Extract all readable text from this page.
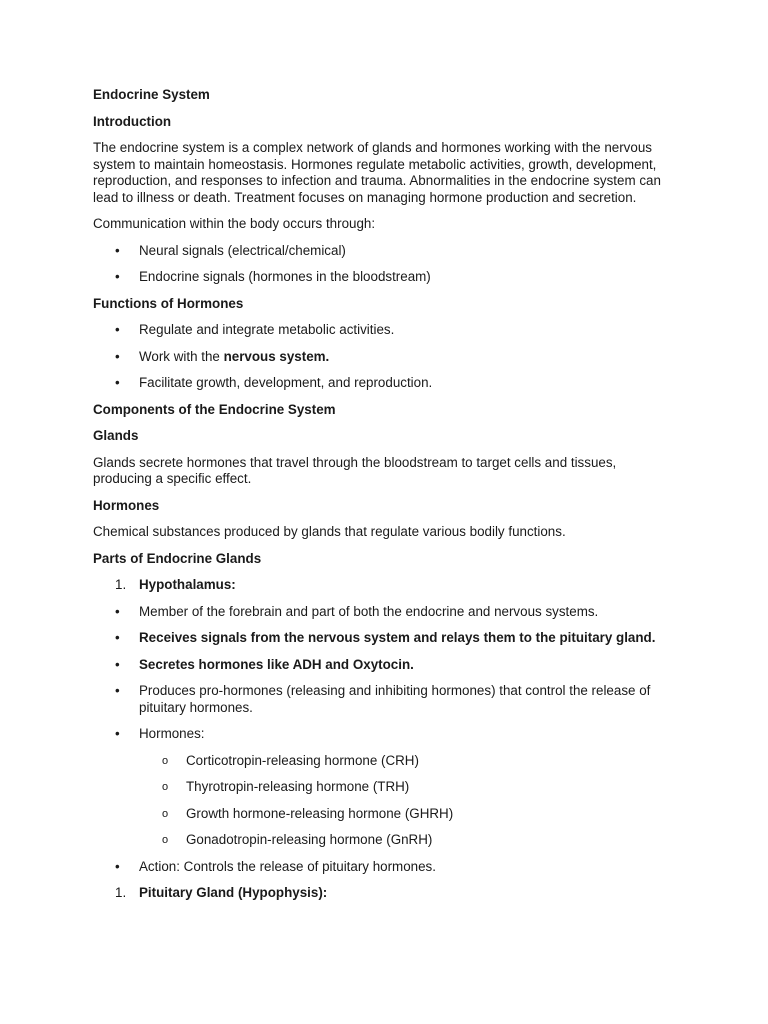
Endocrine System

Introduction

The endocrine system is a complex network of glands and hormones working with the nervous system to maintain homeostasis. Hormones regulate metabolic activities, growth, development, reproduction, and responses to infection and trauma. Abnormalities in the endocrine system can lead to illness or death. Treatment focuses on managing hormone production and secretion.

Communication within the body occurs through:

• Neural signals (electrical/chemical)
• Endocrine signals (hormones in the bloodstream)

Functions of Hormones

• Regulate and integrate metabolic activities.
• Work with the nervous system.
• Facilitate growth, development, and reproduction.

Components of the Endocrine System

Glands

Glands secrete hormones that travel through the bloodstream to target cells and tissues, producing a specific effect.

Hormones

Chemical substances produced by glands that regulate various bodily functions.

Parts of Endocrine Glands

1. Hypothalamus:
• Member of the forebrain and part of both the endocrine and nervous systems.
• Receives signals from the nervous system and relays them to the pituitary gland.
• Secretes hormones like ADH and Oxytocin.
• Produces pro-hormones (releasing and inhibiting hormones) that control the release of pituitary hormones.
• Hormones:
o Corticotropin-releasing hormone (CRH)
o Thyrotropin-releasing hormone (TRH)
o Growth hormone-releasing hormone (GHRH)
o Gonadotropin-releasing hormone (GnRH)
• Action: Controls the release of pituitary hormones.
1. Pituitary Gland (Hypophysis):
